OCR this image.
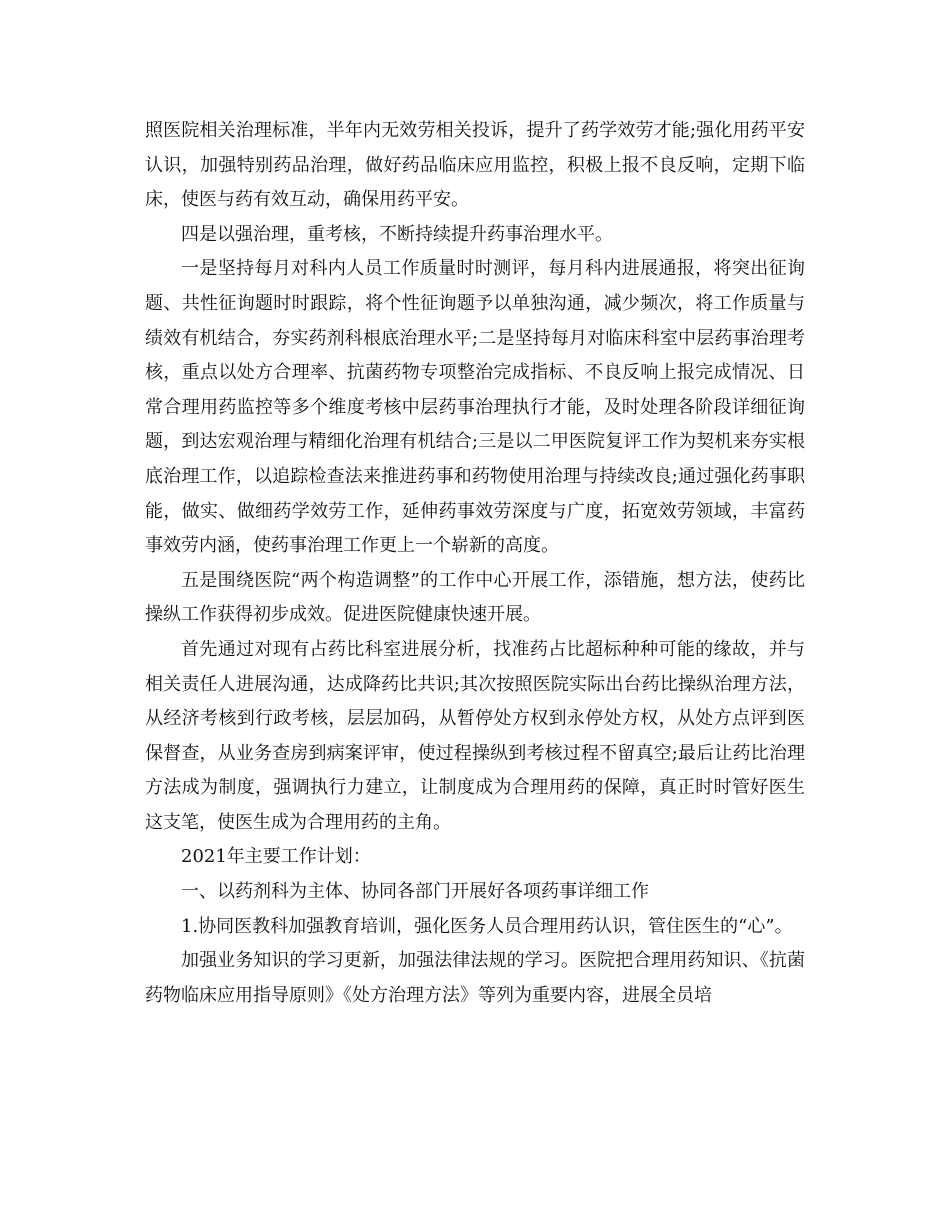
照医院相关治理标准，半年内无效劳相关投诉，提升了药学效劳才能;强化用药平安认识，加强特别药品治理，做好药品临床应用监控，积极上报不良反响，定期下临床，使医与药有效互动，确保用药平安。

四是以强治理，重考核，不断持续提升药事治理水平。

一是坚持每月对科内人员工作质量时时测评，每月科内进展通报，将突出征询题、共性征询题时时跟踪，将个性征询题予以单独沟通，减少频次，将工作质量与绩效有机结合，夯实药剂科根底治理水平;二是坚持每月对临床科室中层药事治理考核，重点以处方合理率、抗菌药物专项整治完成指标、不良反响上报完成情况、日常合理用药监控等多个维度考核中层药事治理执行才能，及时处理各阶段详细征询题，到达宏观治理与精细化治理有机结合;三是以二甲医院复评工作为契机来夯实根底治理工作，以追踪检查法来推进药事和药物使用治理与持续改良;通过强化药事职能，做实、做细药学效劳工作，延伸药事效劳深度与广度，拓宽效劳领域，丰富药事效劳内涵，使药事治理工作更上一个崭新的高度。

五是围绕医院“两个构造调整”的工作中心开展工作，添错施，想方法，使药比操纵工作获得初步成效。促进医院健康快速开展。

首先通过对现有占药比科室进展分析，找准药占比超标种种可能的缘故，并与相关责任人进展沟通，达成降药比共识;其次按照医院实际出台药比操纵治理方法，从经济考核到行政考核，层层加码，从暂停处方权到永停处方权，从处方点评到医保督查，从业务查房到病案评审，使过程操纵到考核过程不留真空;最后让药比治理方法成为制度，强调执行力建立，让制度成为合理用药的保障，真正时时管好医生这支笔，使医生成为合理用药的主角。

2021年主要工作计划：

一、以药剂科为主体、协同各部门开展好各项药事详细工作

1.协同医教科加强教育培训，强化医务人员合理用药认识，管住医生的“心”。

加强业务知识的学习更新，加强法律法规的学习。医院把合理用药知识、《抗菌药物临床应用指导原则》《处方治理方法》等列为重要内容，进展全员培
